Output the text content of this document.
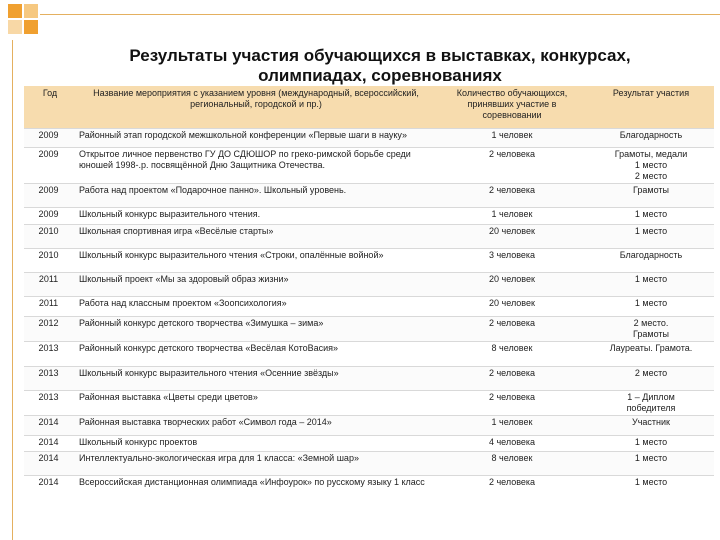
Результаты участия обучающихся в выставках, конкурсах,
олимпиадах, соревнованиях
Год	Название мероприятия с указанием уровня (международный, всероссийский, региональный, городской и пр.)	Количество обучающихся, принявших участие в соревновании	Результат участия
2009	Районный этап городской межшкольной конференции «Первые шаги в науку»	1 человек	Благодарность
2009	Открытое личное первенство ГУ ДО СДЮШОР по греко-римской борьбе среди юношей 1998-.р. посвящённой Дню Защитника Отечества.	2 человека	Грамоты, медали
1 место
2 место
2009	Работа над проектом «Подарочное панно». Школьный уровень.	2 человека	Грамоты
2009	Школьный конкурс выразительного чтения.	1 человек	1 место
2010	Школьная спортивная игра «Весёлые старты»	20 человек	1 место
2010	Школьный конкурс выразительного чтения «Строки, опалённые войной»	3 человека	Благодарность
2011	Школьный проект «Мы за здоровый образ жизни»	20 человек	1 место
2011	Работа над классным проектом «Зоопсихология»	20 человек	1 место
2012	Районный конкурс детского творчества «Зимушка – зима»	2 человека	2 место.
Грамоты
2013	Районный конкурс детского творчества «Весёлая КотоВасия»	8 человек	Лауреаты. Грамота.
2013	Школьный конкурс выразительного чтения «Осенние звёзды»	2 человека	2 место
2013	Районная выставка «Цветы среди цветов»	2 человека	1 – Диплом
победителя
2014	Районная выставка творческих работ «Символ года – 2014»	1 человек	Участник
2014	Школьный конкурс проектов	4 человека	1 место
2014	Интеллектуально-экологическая игра для 1 класса: «Земной шар»	8 человек	1 место
2014	Всероссийская дистанционная олимпиада «Инфоурок» по русскому языку 1 класс	2 человека	1 место
